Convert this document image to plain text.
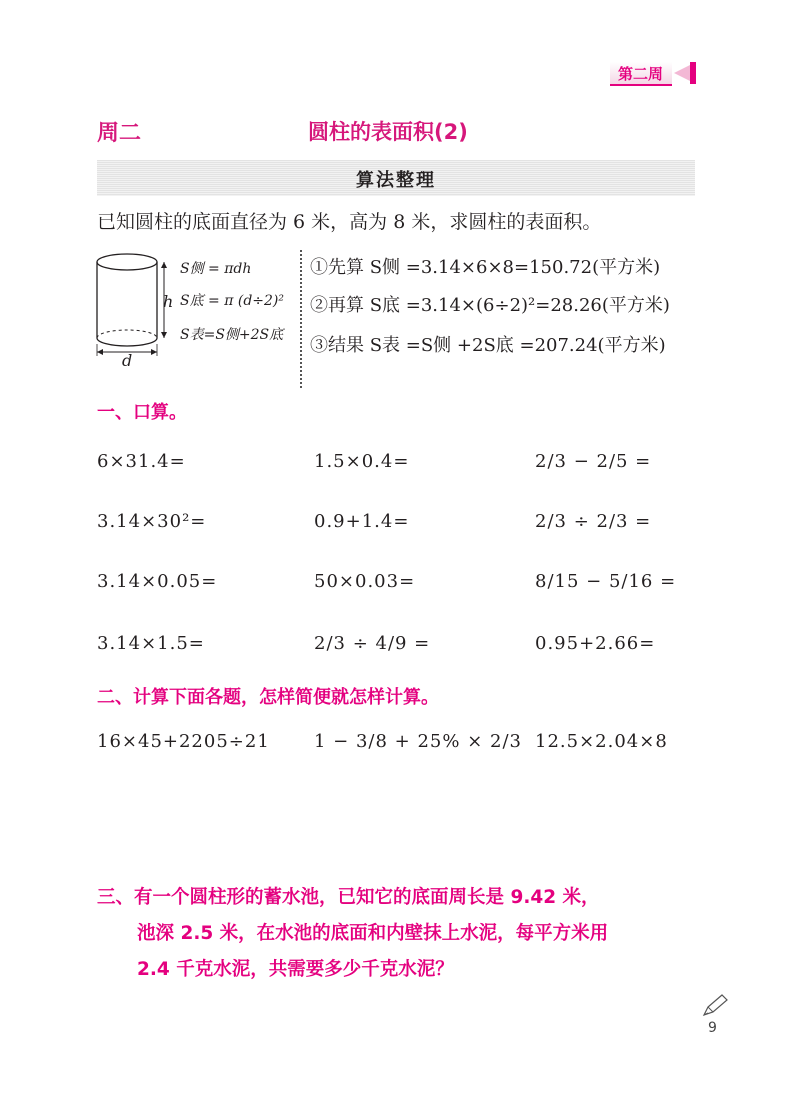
第二周
周二	圆柱的表面积(2)
算法整理
已知圆柱的底面直径为 6 米，高为 8 米，求圆柱的表面积。
h
d
S侧 = πdh
S底 = π (d÷2)²
S表=S侧+2S底
①先算 S侧 =3.14×6×8=150.72(平方米)
②再算 S底 =3.14×(6÷2)²=28.26(平方米)
③结果 S表 =S侧 +2S底 =207.24(平方米)
一、口算。
6×31.4=	1.5×0.4=	2/3 − 2/5 =
3.14×30²=	0.9+1.4=	2/3 ÷ 2/3 =
3.14×0.05=	50×0.03=	8/15 − 5/16 =
3.14×1.5=	2/3 ÷ 4/9 =	0.95+2.66=
二、计算下面各题，怎样简便就怎样计算。
16×45+2205÷21 1 − 3/8 + 25% × 2/3 12.5×2.04×8
三、有一个圆柱形的蓄水池，已知它的底面周长是 9.42 米，
池深 2.5 米，在水池的底面和内壁抹上水泥，每平方米用
2.4 千克水泥，共需要多少千克水泥？
9
